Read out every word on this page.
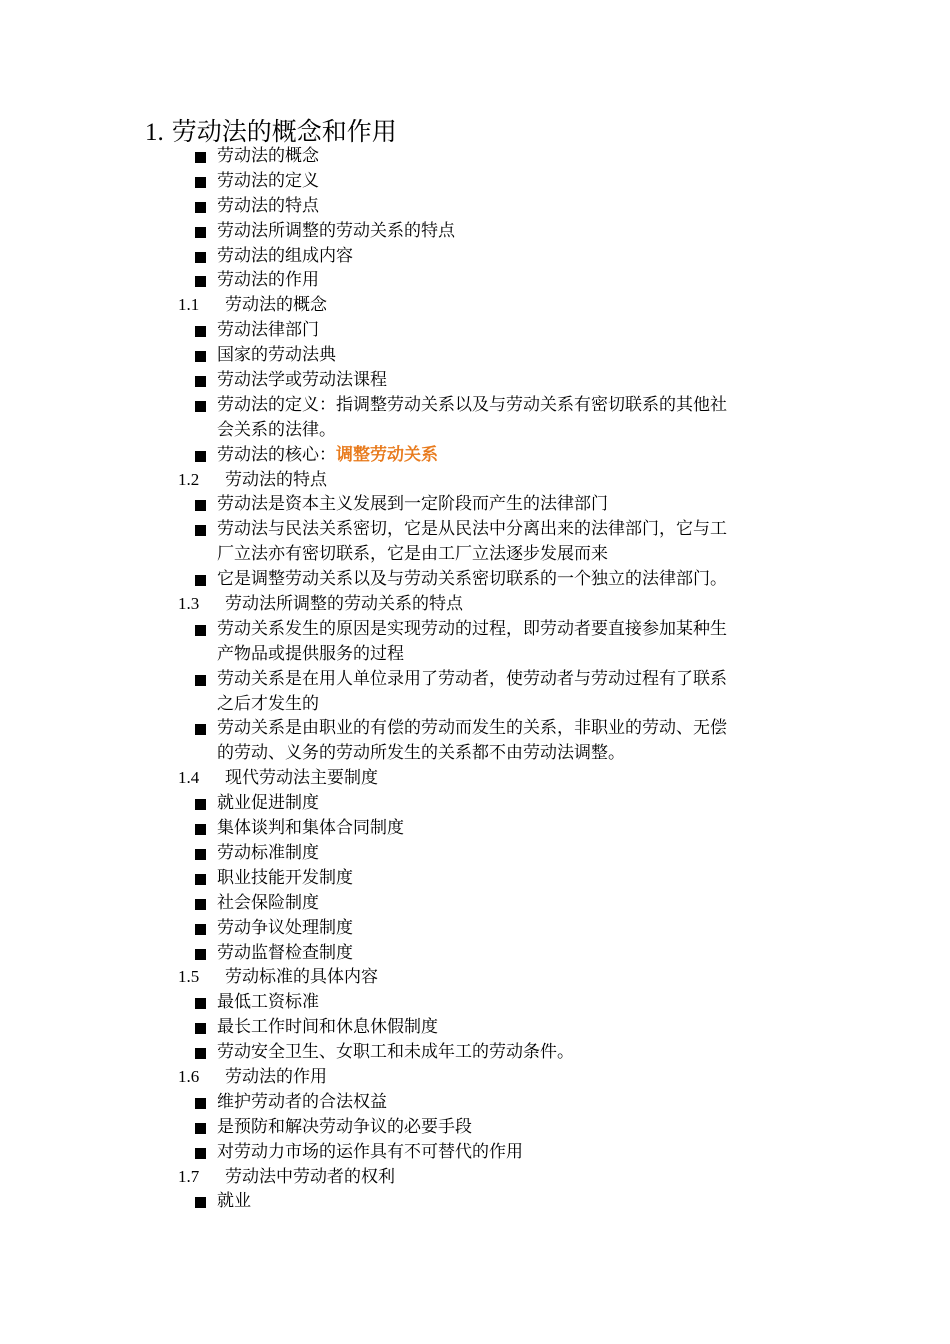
1. 劳动法的概念和作用
劳动法的概念
劳动法的定义
劳动法的特点
劳动法所调整的劳动关系的特点
劳动法的组成内容
劳动法的作用
1.1 劳动法的概念
劳动法律部门
国家的劳动法典
劳动法学或劳动法课程
劳动法的定义：指调整劳动关系以及与劳动关系有密切联系的其他社
会关系的法律。
劳动法的核心：调整劳动关系
1.2 劳动法的特点
劳动法是资本主义发展到一定阶段而产生的法律部门
劳动法与民法关系密切，它是从民法中分离出来的法律部门，它与工
厂立法亦有密切联系，它是由工厂立法逐步发展而来
它是调整劳动关系以及与劳动关系密切联系的一个独立的法律部门。
1.3 劳动法所调整的劳动关系的特点
劳动关系发生的原因是实现劳动的过程，即劳动者要直接参加某种生
产物品或提供服务的过程
劳动关系是在用人单位录用了劳动者，使劳动者与劳动过程有了联系
之后才发生的
劳动关系是由职业的有偿的劳动而发生的关系，非职业的劳动、无偿
的劳动、义务的劳动所发生的关系都不由劳动法调整。
1.4 现代劳动法主要制度
就业促进制度
集体谈判和集体合同制度
劳动标准制度
职业技能开发制度
社会保险制度
劳动争议处理制度
劳动监督检查制度
1.5 劳动标准的具体内容
最低工资标准
最长工作时间和休息休假制度
劳动安全卫生、女职工和未成年工的劳动条件。
1.6 劳动法的作用
维护劳动者的合法权益
是预防和解决劳动争议的必要手段
对劳动力市场的运作具有不可替代的作用
1.7 劳动法中劳动者的权利
就业
